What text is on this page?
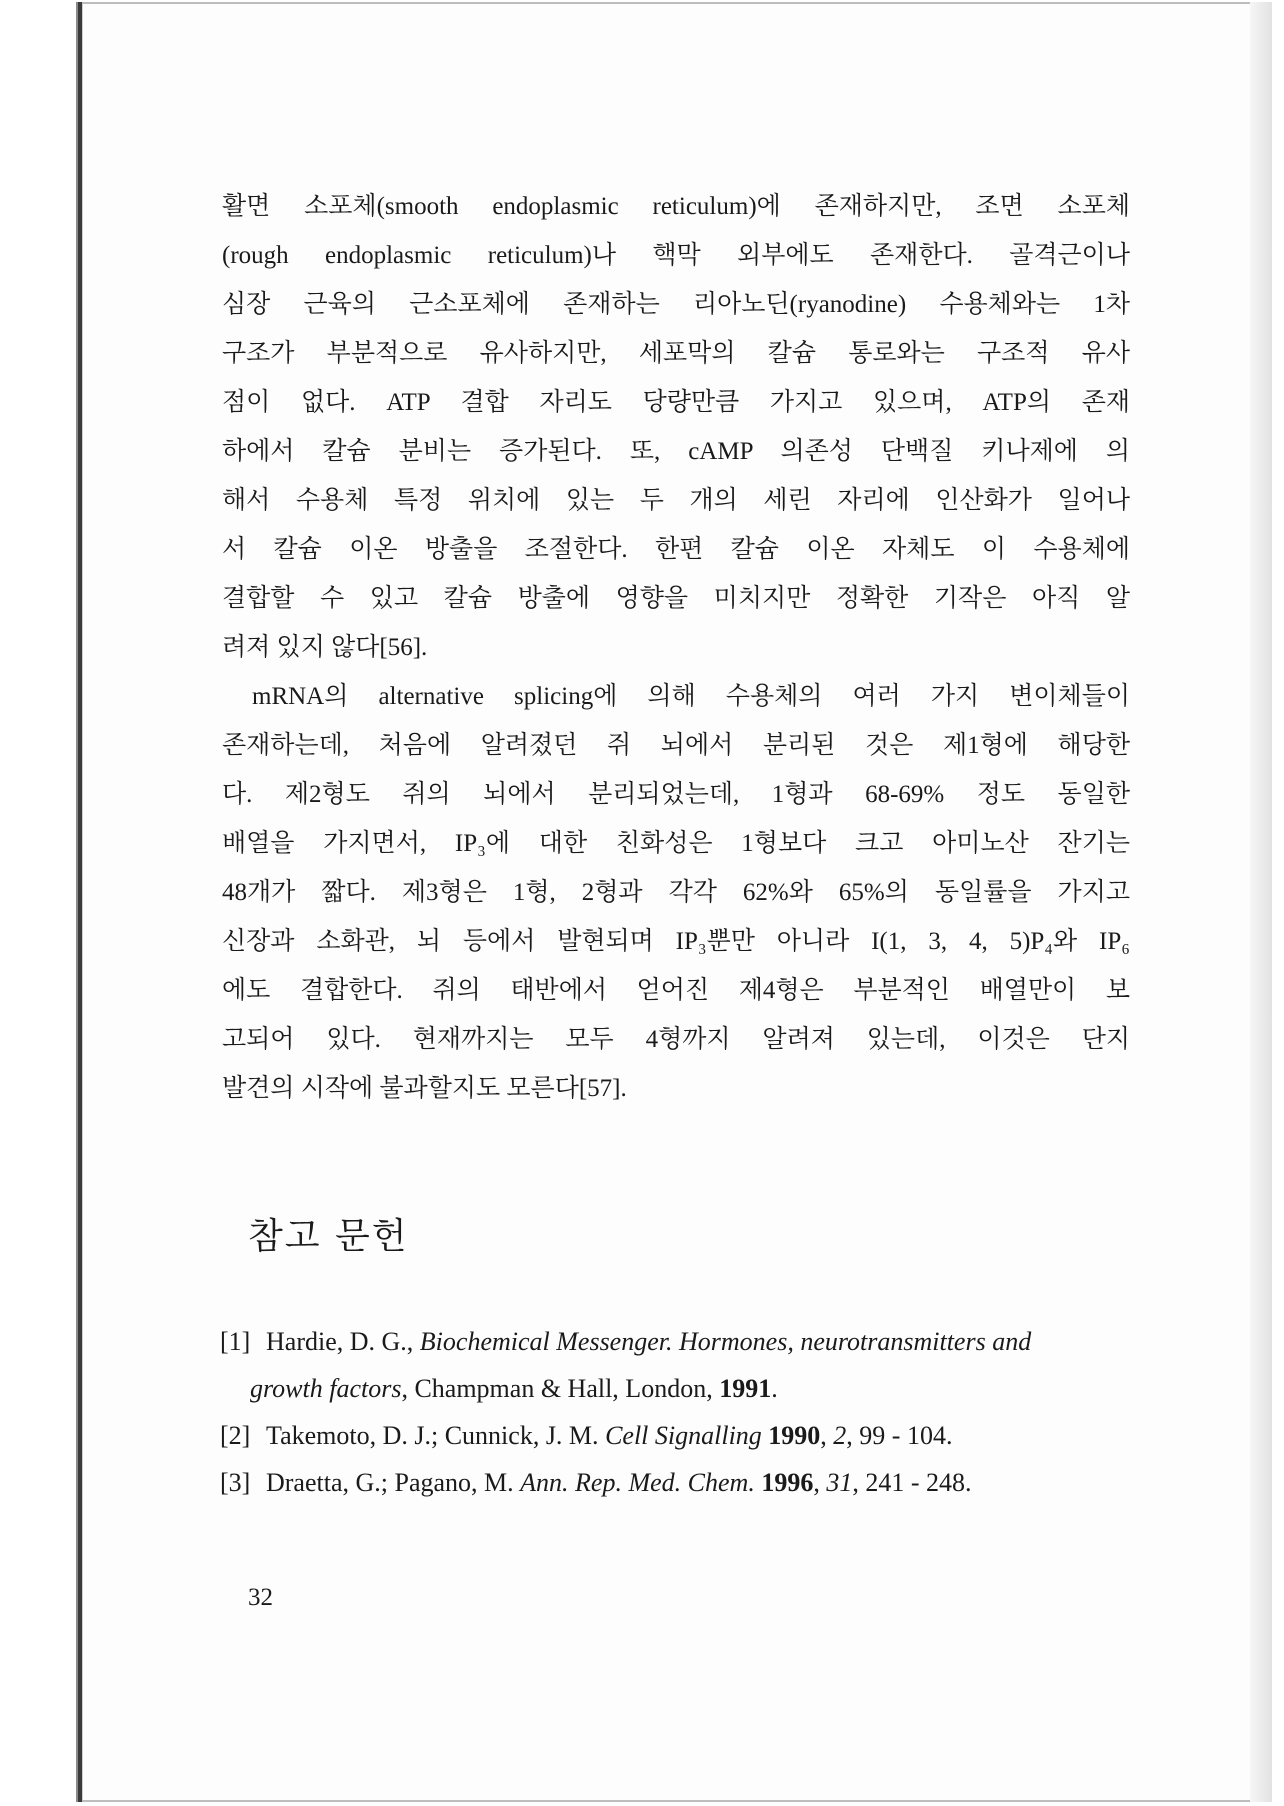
활면 소포체(smooth endoplasmic reticulum)에 존재하지만, 조면 소포체
(rough endoplasmic reticulum)나 핵막 외부에도 존재한다. 골격근이나
심장 근육의 근소포체에 존재하는 리아노딘(ryanodine) 수용체와는 1차
구조가 부분적으로 유사하지만, 세포막의 칼슘 통로와는 구조적 유사
점이 없다. ATP 결합 자리도 당량만큼 가지고 있으며, ATP의 존재
하에서 칼슘 분비는 증가된다. 또, cAMP 의존성 단백질 키나제에 의
해서 수용체 특정 위치에 있는 두 개의 세린 자리에 인산화가 일어나
서 칼슘 이온 방출을 조절한다. 한편 칼슘 이온 자체도 이 수용체에
결합할 수 있고 칼슘 방출에 영향을 미치지만 정확한 기작은 아직 알
려져 있지 않다[56].
mRNA의 alternative splicing에 의해 수용체의 여러 가지 변이체들이
존재하는데, 처음에 알려졌던 쥐 뇌에서 분리된 것은 제1형에 해당한
다. 제2형도 쥐의 뇌에서 분리되었는데, 1형과 68-69% 정도 동일한
배열을 가지면서, IP₃에 대한 친화성은 1형보다 크고 아미노산 잔기는
48개가 짧다. 제3형은 1형, 2형과 각각 62%와 65%의 동일률을 가지고
신장과 소화관, 뇌 등에서 발현되며 IP₃뿐만 아니라 I(1, 3, 4, 5)P₄와 IP₆
에도 결합한다. 쥐의 태반에서 얻어진 제4형은 부분적인 배열만이 보
고되어 있다. 현재까지는 모두 4형까지 알려져 있는데, 이것은 단지
발견의 시작에 불과할지도 모른다[57].
참고 문헌
[1] Hardie, D. G., Biochemical Messenger. Hormones, neurotransmitters and
growth factors, Champman & Hall, London, 1991.
[2] Takemoto, D. J.; Cunnick, J. M. Cell Signalling 1990, 2, 99 - 104.
[3] Draetta, G.; Pagano, M. Ann. Rep. Med. Chem. 1996, 31, 241 - 248.
32
